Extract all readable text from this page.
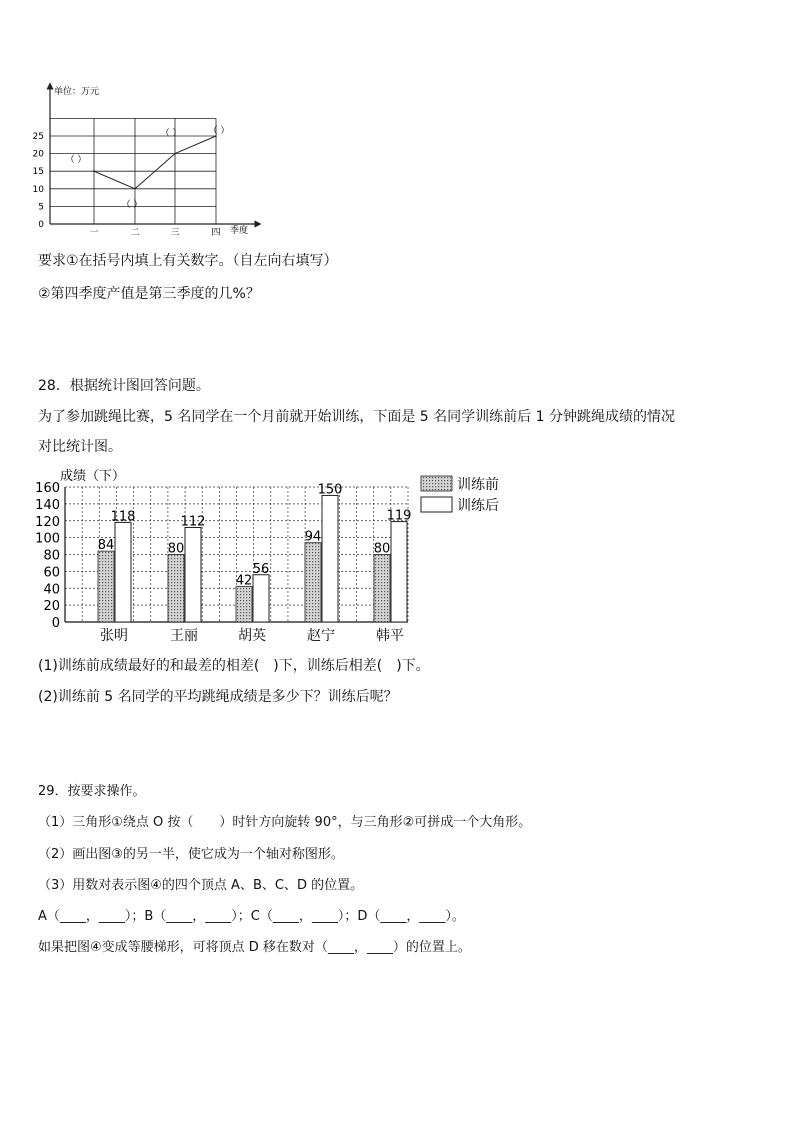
0
5
10
15
20
25
单位：万元
季度
一	二	三	四
（ ）
（ ）
（ ）	（ ）
要求①在括号内填上有关数字。（自左向右填写）
②第四季度产值是第三季度的几%？
28．根据统计图回答问题。
为了参加跳绳比赛，5 名同学在一个月前就开始训练，下面是 5 名同学训练前后 1 分钟跳绳成绩的情况
对比统计图。
成绩（下）
0
20
40
60
80
100
120
140
160
84
118
张明
80
112
王丽
42
56
胡英
94
150
赵宁
80
119
韩平
训练前
训练后
(1)训练前成绩最好的和最差的相差(　)下，训练后相差(　)下。
(2)训练前 5 名同学的平均跳绳成绩是多少下？训练后呢？
29．按要求操作。
（1）三角形①绕点 O 按（　　）时针方向旋转 90°，与三角形②可拼成一个大角形。
（2）画出图③的另一半，使它成为一个轴对称图形。
（3）用数对表示图④的四个顶点 A、B、C、D 的位置。
A（____，____）；B（____，____）；C（____，____）；D（____，____）。
如果把图④变成等腰梯形，可将顶点 D 移在数对（____，____）的位置上。
